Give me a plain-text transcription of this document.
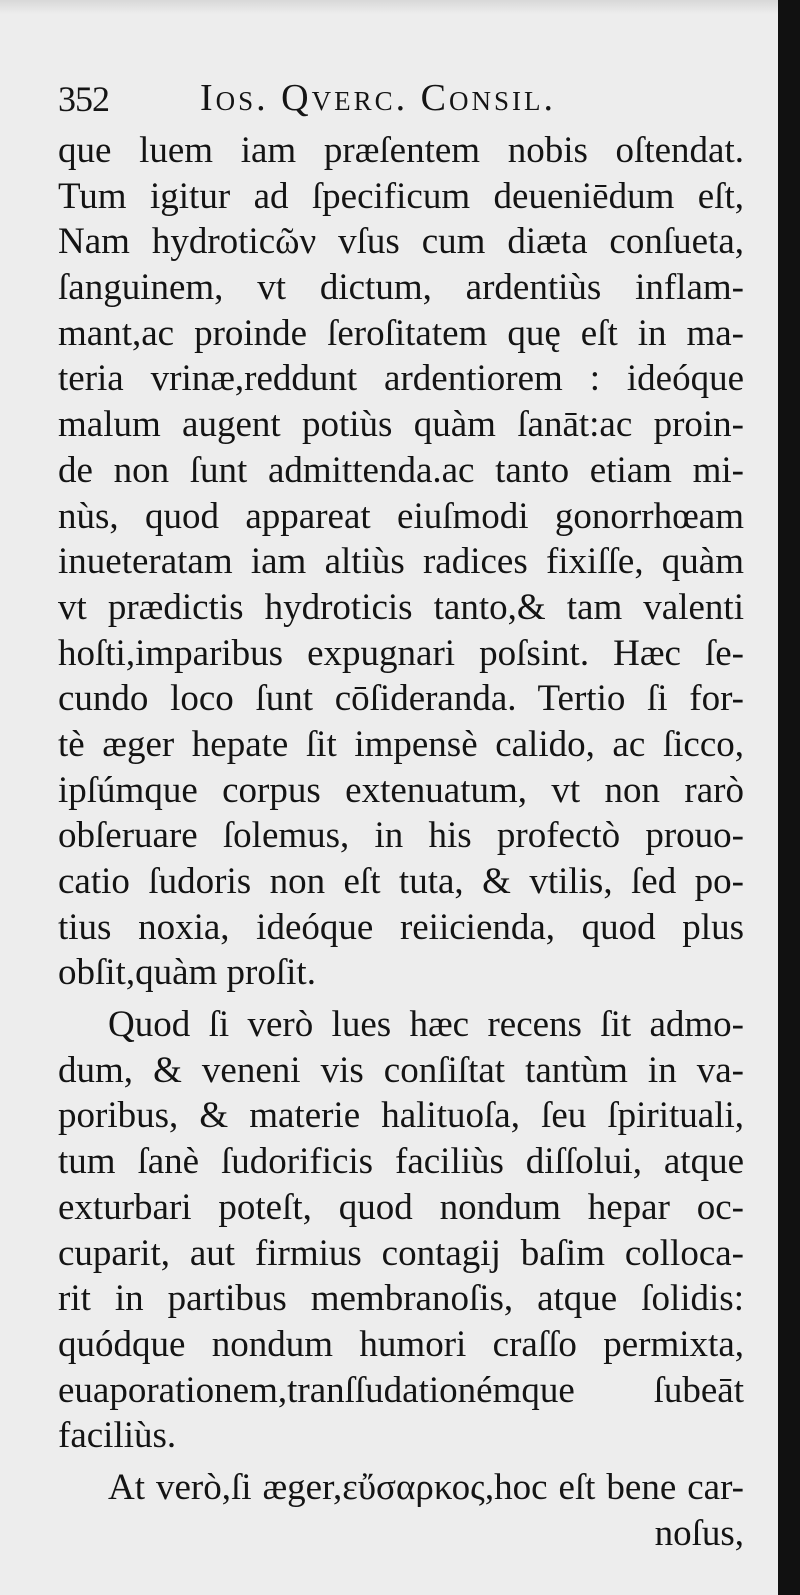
352 Ios. Qverc. Consil.
que luem iam præſentem nobis oſtendat.
Tum igitur ad ſpecificum deueniēdum eſt,
Nam hydroticῶν vſus cum diæta conſueta,
ſanguinem, vt dictum, ardentiùs inflam-
mant,ac proinde ſeroſitatem quę eſt in ma-
teria vrinæ,reddunt ardentiorem : ideóque
malum augent potiùs quàm ſanāt:ac proin-
de non ſunt admittenda.ac tanto etiam mi-
nùs, quod appareat eiuſmodi gonorrhœam
inueteratam iam altiùs radices fixiſſe, quàm
vt prædictis hydroticis tanto,& tam valenti
hoſti,imparibus expugnari poſsint. Hæc ſe-
cundo loco ſunt cōſideranda. Tertio ſi for-
tè æger hepate ſit impensè calido, ac ſicco,
ipſúmque corpus extenuatum, vt non rarò
obſeruare ſolemus, in his profectò prouo-
catio ſudoris non eſt tuta, & vtilis, ſed po-
tius noxia, ideóque reiicienda, quod plus
obſit,quàm proſit.
Quod ſi verò lues hæc recens ſit admo-
dum, & veneni vis conſiſtat tantùm in va-
poribus, & materie halituoſa, ſeu ſpirituali,
tum ſanè ſudorificis faciliùs diſſolui, atque
exturbari poteſt, quod nondum hepar oc-
cuparit, aut firmius contagij baſim colloca-
rit in partibus membranoſis, atque ſolidis:
quódque nondum humori craſſo permixta,
euaporationem,tranſſudationémque ſubeāt
faciliùs.
At verò,ſi æger,εὔσαρκος,hoc eſt bene car-
noſus,
